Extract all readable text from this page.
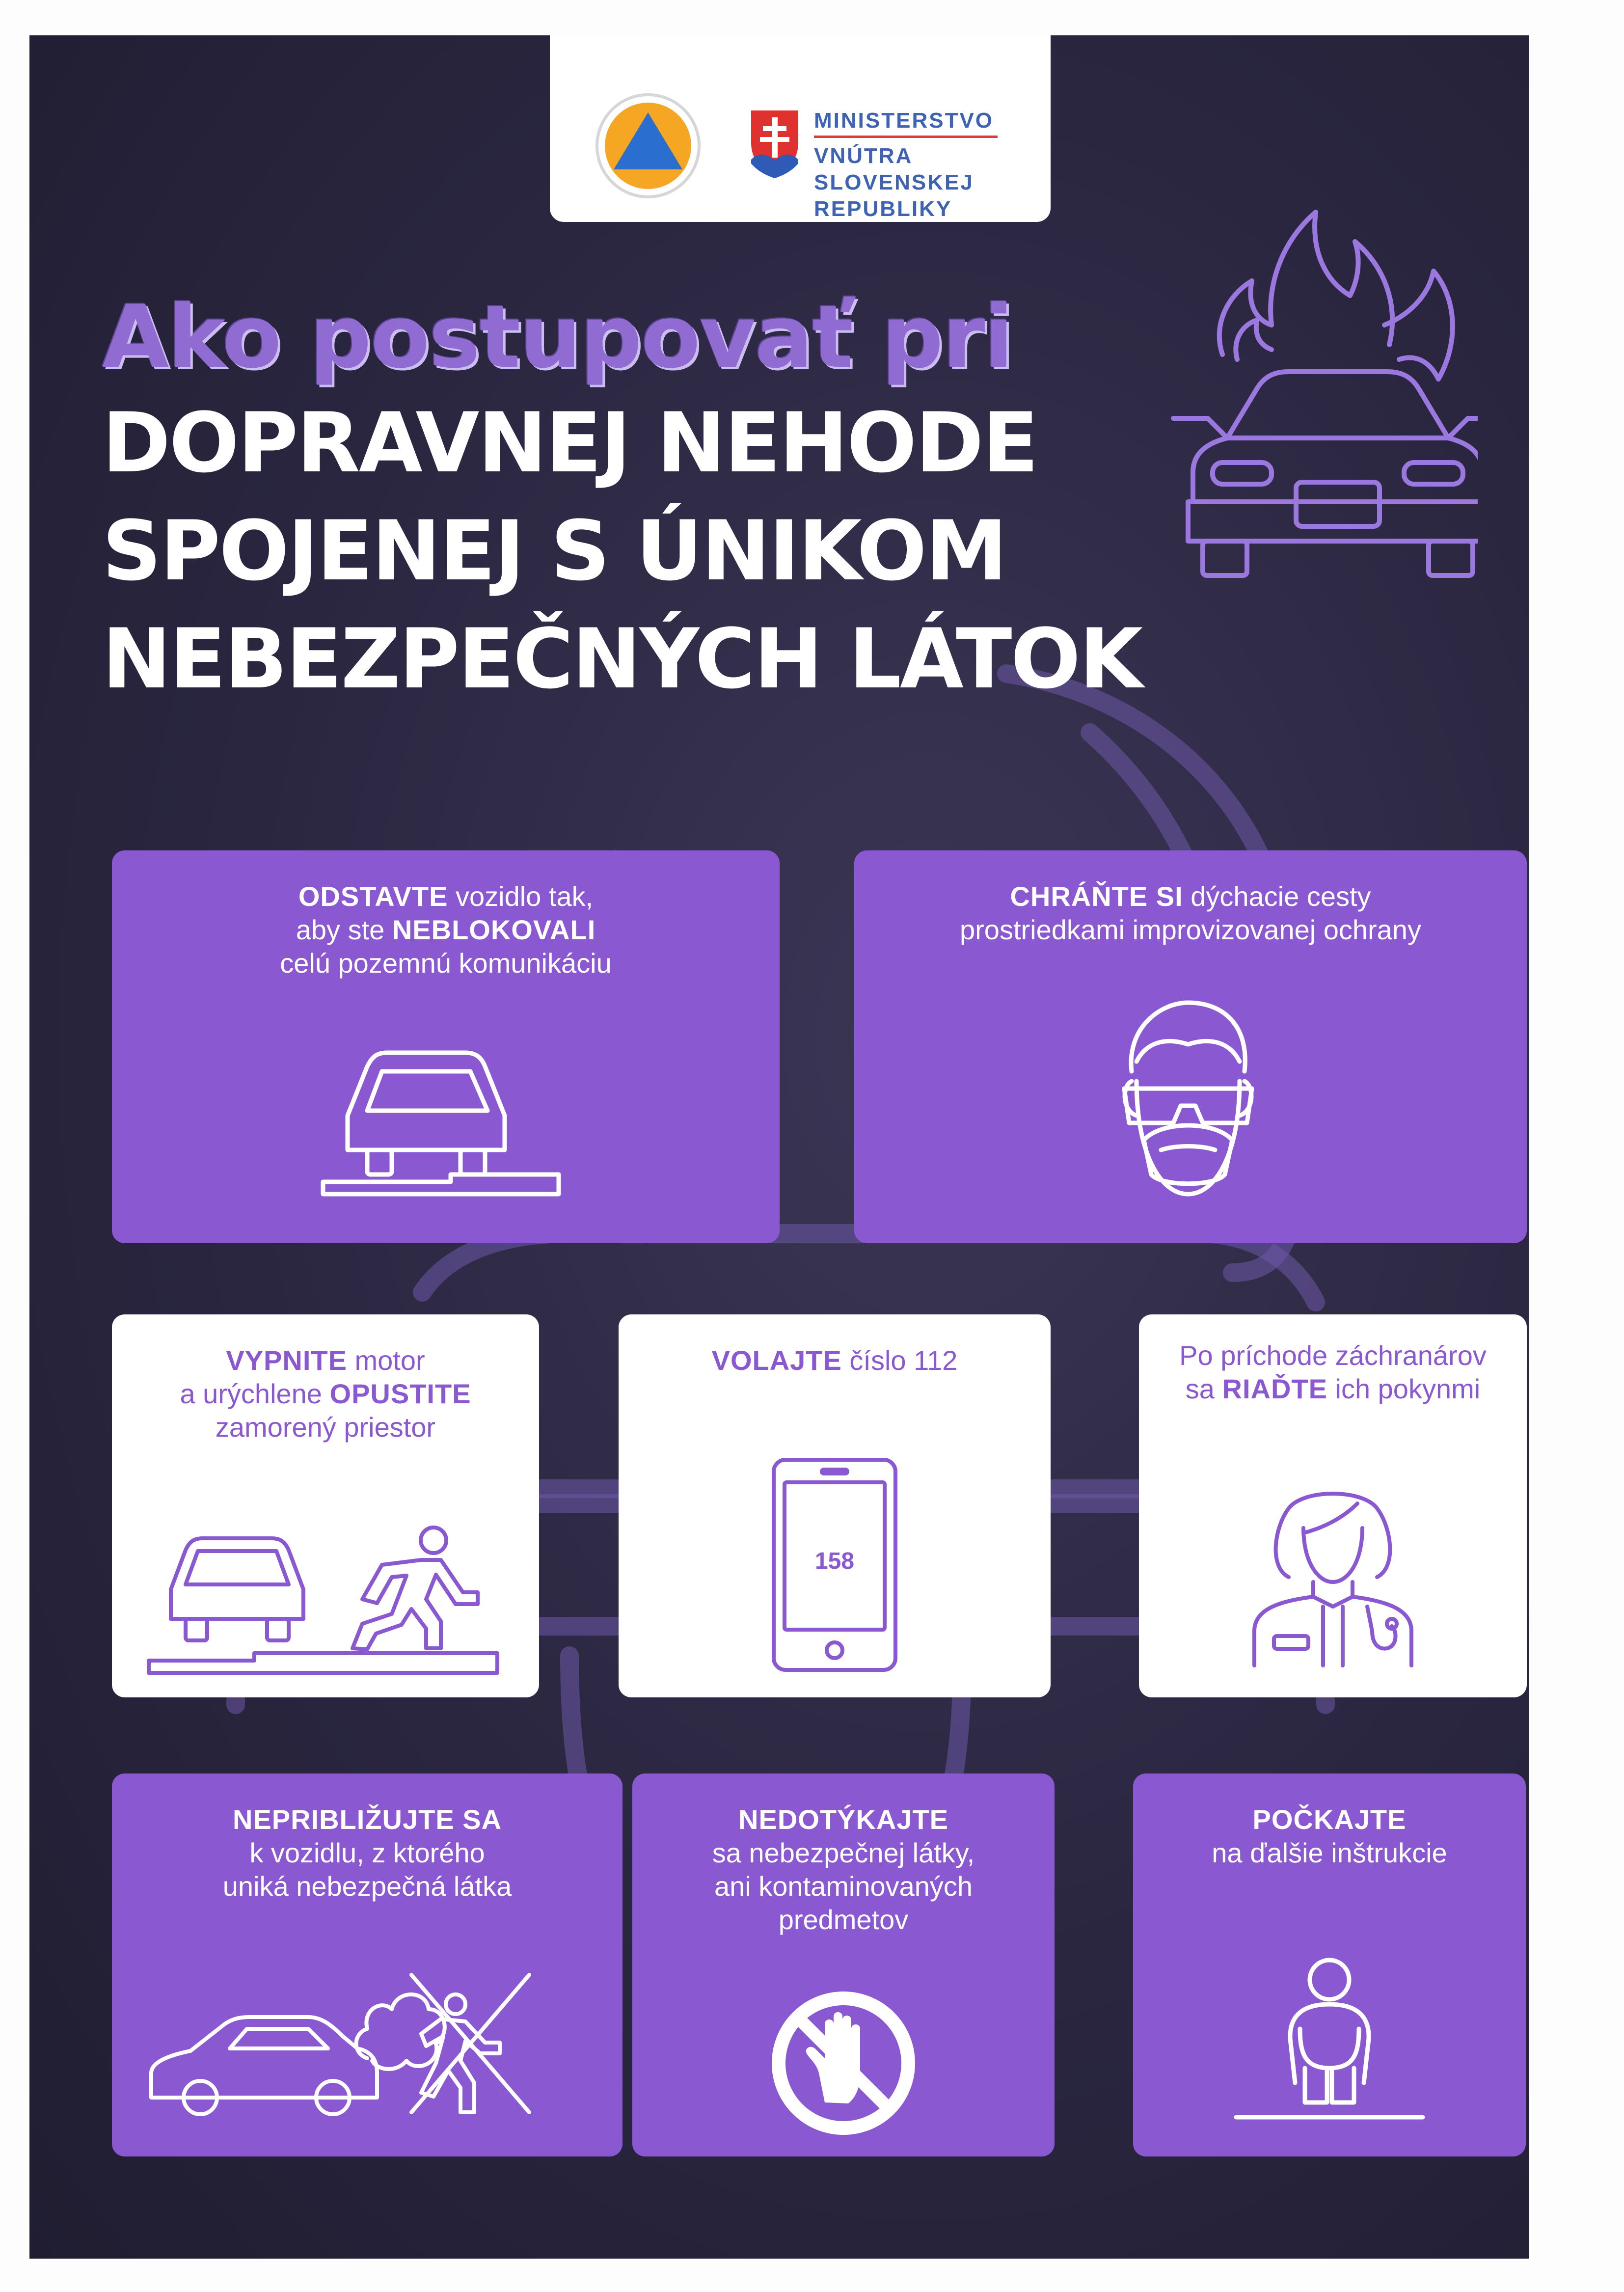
MINISTERSTVO
VNÚTRA
SLOVENSKEJ REPUBLIKY
Ako postupovať pri
DOPRAVNEJ NEHODE
SPOJENEJ S ÚNIKOM
NEBEZPEČNÝCH LÁTOK
ODSTAVTE vozidlo tak,
aby ste NEBLOKOVALI
celú pozemnú komunikáciu
CHRÁŇTE SI dýchacie cesty
prostriedkami improvizovanej ochrany
VYPNITE motor
a urýchlene OPUSTITE
zamorený priestor
VOLAJTE číslo 112
158
Po príchode záchranárov
sa RIAĎTE ich pokynmi
NEPRIBLIŽUJTE SA
k vozidlu, z ktorého
uniká nebezpečná látka
NEDOTÝKAJTE
sa nebezpečnej látky,
ani kontaminovaných
predmetov
POČKAJTE
na ďalšie inštrukcie
